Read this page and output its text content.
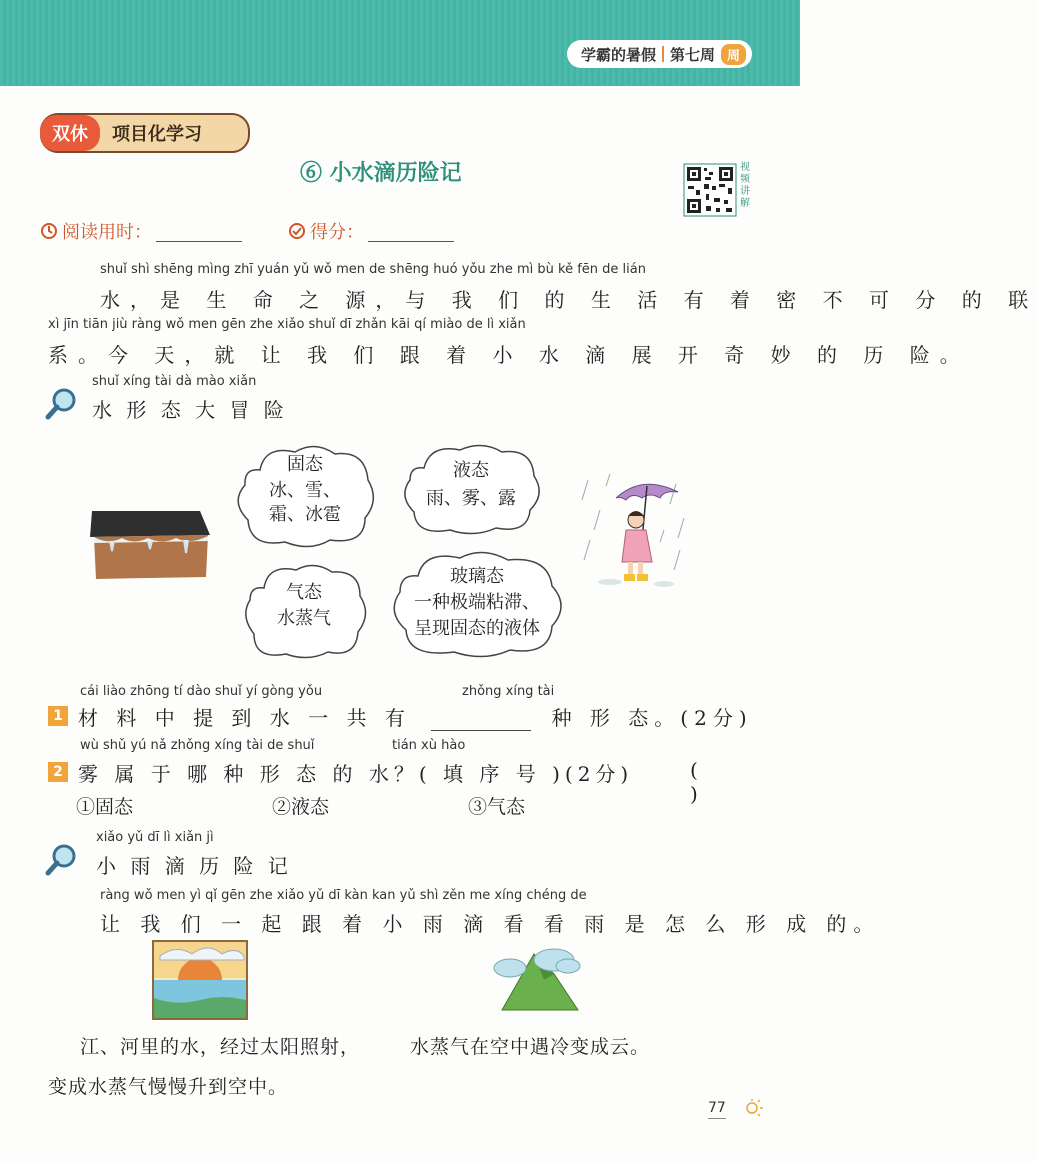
学霸的暑假 第七周 周
双休	项目化学习
⑥ 小水滴历险记	视频讲解
阅读用时：	得分：
shuǐ shì shēng mìng zhī yuán yǔ wǒ men de shēng huó yǒu zhe mì bù kě fēn de lián
水，是 生 命 之 源，与 我 们 的 生 活 有 着 密 不 可 分 的 联
xì jīn tiān jiù ràng wǒ men gēn zhe xiǎo shuǐ dī zhǎn kāi qí miào de lì xiǎn
系。今 天，就 让 我 们 跟 着 小 水 滴 展 开 奇 妙 的 历 险。
shuǐ xíng tài dà mào xiǎn
水 形 态 大 冒 险
固态
冰、雪、
霜、冰雹
液态
雨、雾、露
气态
水蒸气
玻璃态
一种极端粘滞、
呈现固态的液体
cái liào zhōng tí dào shuǐ yí gòng yǒu	zhǒng xíng tài
1 材 料 中 提 到 水 一 共 有	种 形 态。(2分)
wù shǔ yú nǎ zhǒng xíng tài de shuǐ	tián xù hào
2 雾 属 于 哪 种 形 态 的 水？( 填 序 号 )(2分)	( )
①固态	②液态	③气态
xiǎo yǔ dī lì xiǎn jì
小 雨 滴 历 险 记
ràng wǒ men yì qǐ gēn zhe xiǎo yǔ dī kàn kan yǔ shì zěn me xíng chéng de
让 我 们 一 起 跟 着 小 雨 滴 看 看 雨 是 怎 么 形 成 的。
江、河里的水，经过太阳照射，
变成水蒸气慢慢升到空中。
水蒸气在空中遇冷变成云。
77
